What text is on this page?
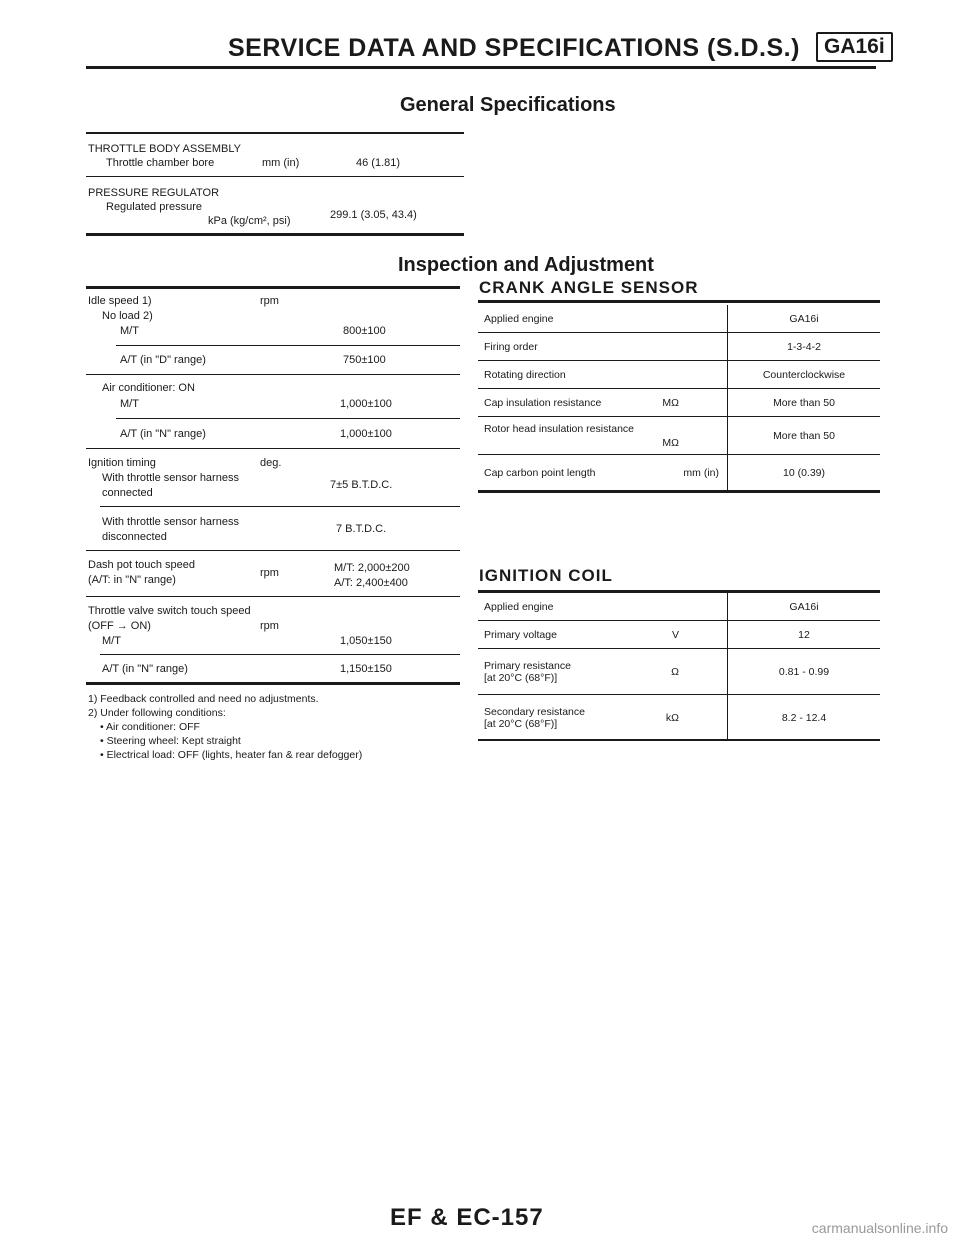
SERVICE DATA AND SPECIFICATIONS (S.D.S.)	GA16i
General Specifications
THROTTLE BODY ASSEMBLY
Throttle chamber bore	mm (in)	46 (1.81)
PRESSURE REGULATOR
Regulated pressure
kPa (kg/cm², psi)	299.1 (3.05, 43.4)
Inspection and Adjustment
Idle speed 1)	rpm
No load 2)
M/T	800±100
A/T (in "D" range)	750±100
Air conditioner: ON
M/T	1,000±100
A/T (in "N" range)	1,000±100
Ignition timing	deg.
With throttle sensor harness
connected
7±5 B.T.D.C.
With throttle sensor harness
disconnected
7 B.T.D.C.
Dash pot touch speed
(A/T: in "N" range)
rpm	M/T: 2,000±200
A/T: 2,400±400
Throttle valve switch touch speed
(OFF → ON)	rpm
M/T	1,050±150
A/T (in "N" range)	1,150±150
1) Feedback controlled and need no adjustments.
2) Under following conditions:
• Air conditioner: OFF
• Steering wheel: Kept straight
• Electrical load: OFF (lights, heater fan & rear defogger)
CRANK ANGLE SENSOR
Applied engine		GA16i
Firing order		1-3-4-2
Rotating direction		Counterclockwise
Cap insulation resistance	MΩ	More than 50
Rotor head insulation resistance	MΩ	More than 50
Cap carbon point length	mm (in)	10 (0.39)
IGNITION COIL
Applied engine		GA16i
Primary voltage	V	12

Primary resistance
[at 20°C (68°F)]	Ω	0.81 - 0.99

Secondary resistance
[at 20°C (68°F)]	kΩ	8.2 - 12.4
EF & EC-157	carmanualsonline.info
